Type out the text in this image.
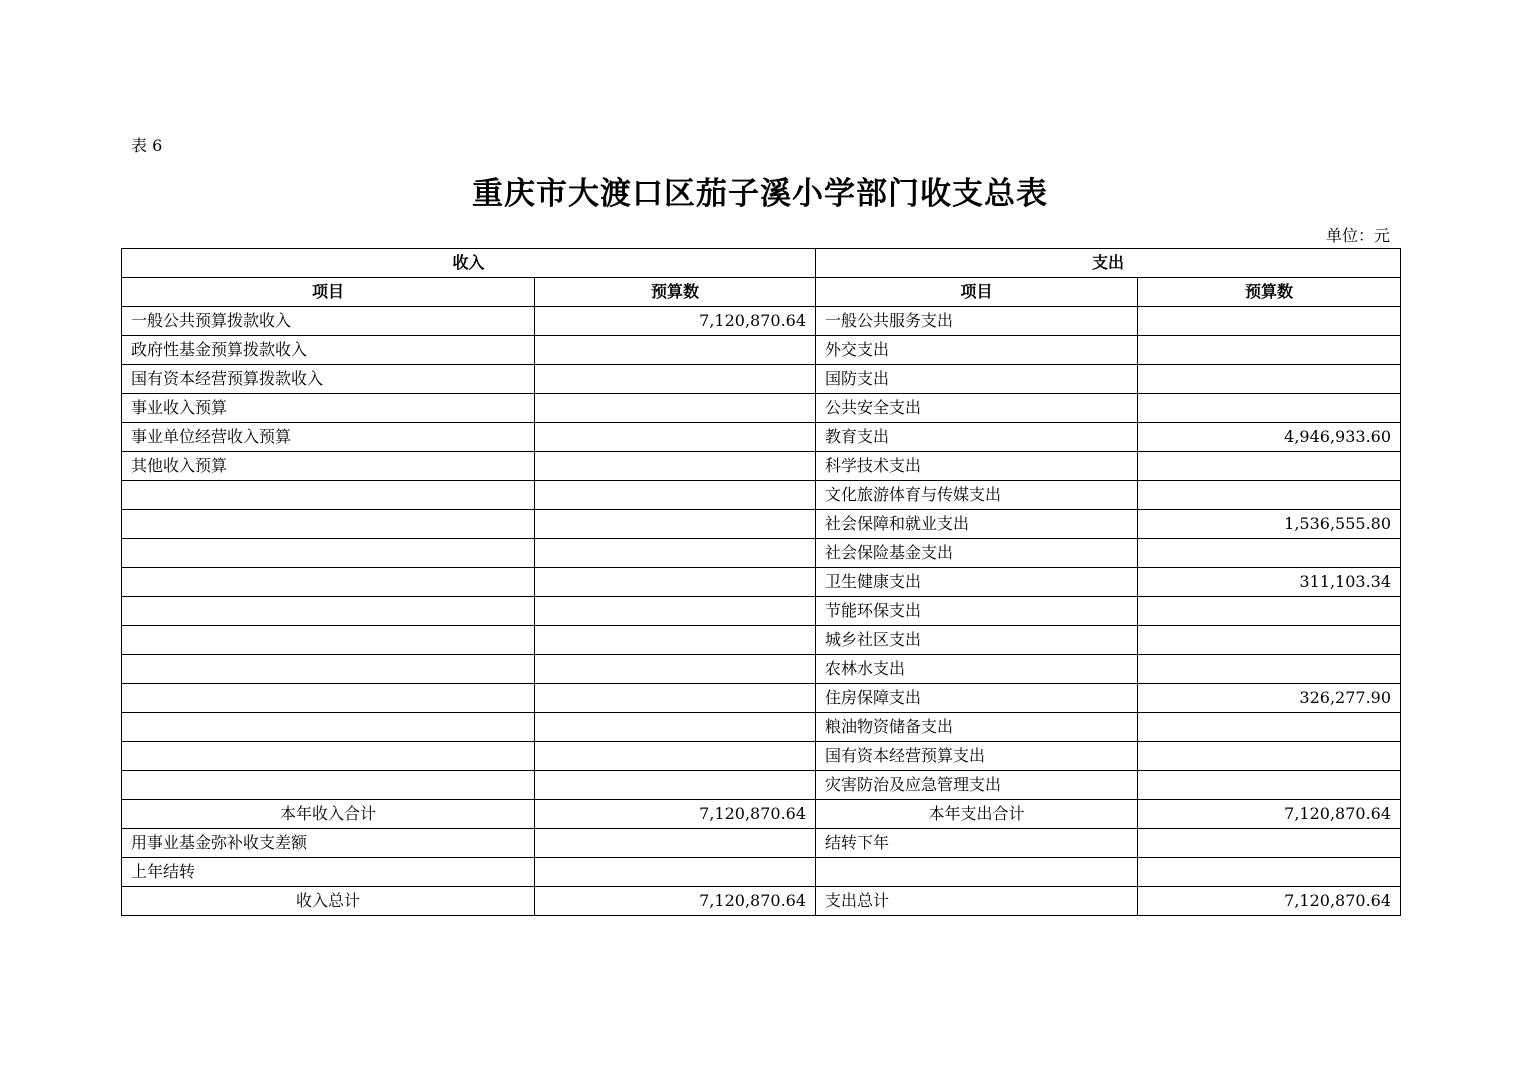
表 6
重庆市大渡口区茄子溪小学部门收支总表
单位：元
收入		支出	
项目	预算数	项目	预算数
一般公共预算拨款收入	7,120,870.64	一般公共服务支出	
政府性基金预算拨款收入		外交支出	
国有资本经营预算拨款收入		国防支出	
事业收入预算		公共安全支出	
事业单位经营收入预算		教育支出	4,946,933.60
其他收入预算		科学技术支出	
		文化旅游体育与传媒支出	
		社会保障和就业支出	1,536,555.80
		社会保险基金支出	
		卫生健康支出	311,103.34
		节能环保支出	
		城乡社区支出	
		农林水支出	
		住房保障支出	326,277.90
		粮油物资储备支出	
		国有资本经营预算支出	
		灾害防治及应急管理支出	
本年收入合计	7,120,870.64	本年支出合计	7,120,870.64
用事业基金弥补收支差额		结转下年	
上年结转			
收入总计	7,120,870.64	支出总计	7,120,870.64
